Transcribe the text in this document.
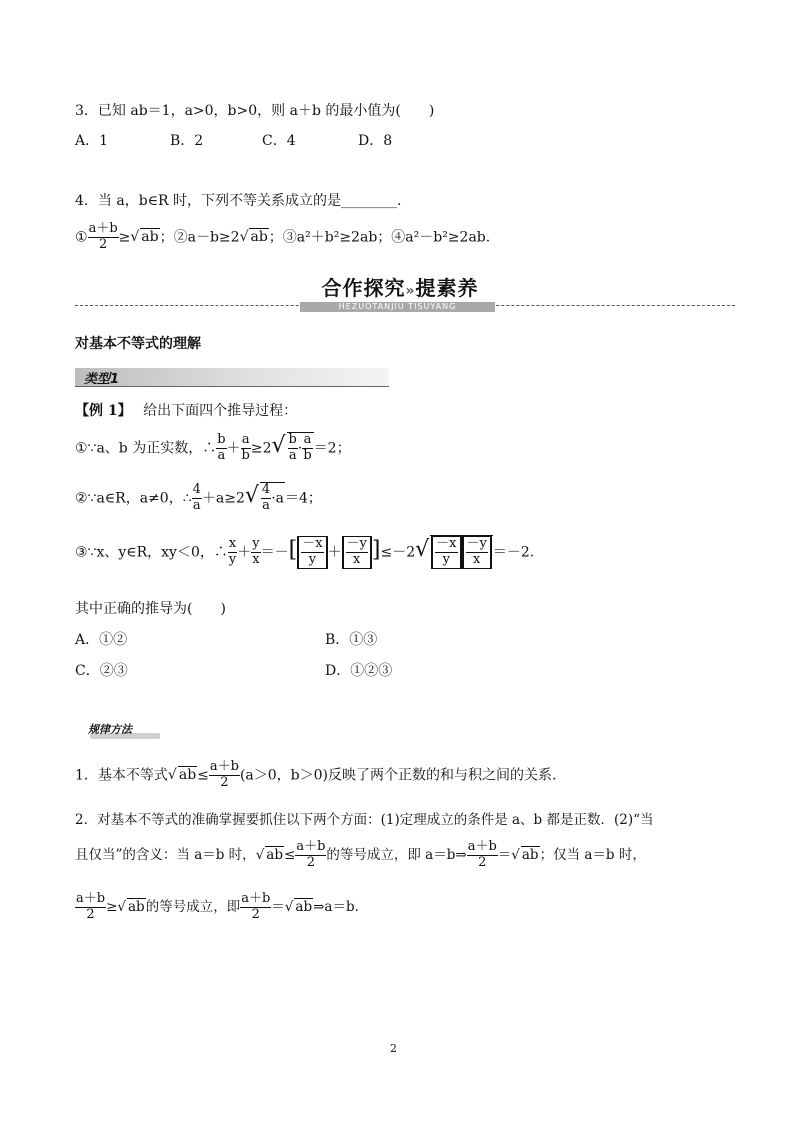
3．已知 ab＝1，a>0，b>0，则 a＋b 的最小值为(　　)
A．1	B．2	C．4	D．8
4．当 a，b∈R 时，下列不等关系成立的是________.
① $\frac{a+b}{2}$ ≥√ ab；②a－b≥2√ ab；③a²＋b²≥2ab；④a²－b²≥2ab.
合作探究»提素养
HEZUOTANJIU TISUYANG
对基本不等式的理解
类型1
【例 1】　 给出下面四个推导过程：
①∵a、b 为正实数，∴ $\frac{b}{a} + \frac{a}{b} \ge 2√ \frac{b}{a} \cdot \frac{a}{b} =2$；
②∵a∈R，a≠0，∴ $\frac{4}{a} +a\ge 2√ \frac{4}{a} \cdot a=4$；
③∵x、y∈R，xy＜0，∴ $\frac{x}{y} + \frac{y}{x}$ ＝－[ $\frac{-x}{y} + \frac{-y}{x} ]\le-2√ \frac{-x}{y} \frac{-y}{x} =-2$.
其中正确的推导为(　　)
A．①②	B．①③
C．②③	D．①②③
规律方法
1．基本不等式√ $ab\le \frac{a+b}{2} (a>0$，b＞0)反映了两个正数的和与积之间的关系.
2．对基本不等式的准确掌握要抓住以下两个方面：(1)定理成立的条件是 a、b 都是正数．(2)“当
且仅当”的含义：当 a＝b 时，√ $ab\le \frac{a+b}{2}$ 的等号成立，即 a＝b⇒ $\frac{a+b}{2}$ ＝√ ab；仅当 a＝b 时，
$\frac{a+b}{2}$ ≥√ ab的等号成立，即 $\frac{a+b}{2}$ ＝√ ab⇒a＝b.
2
